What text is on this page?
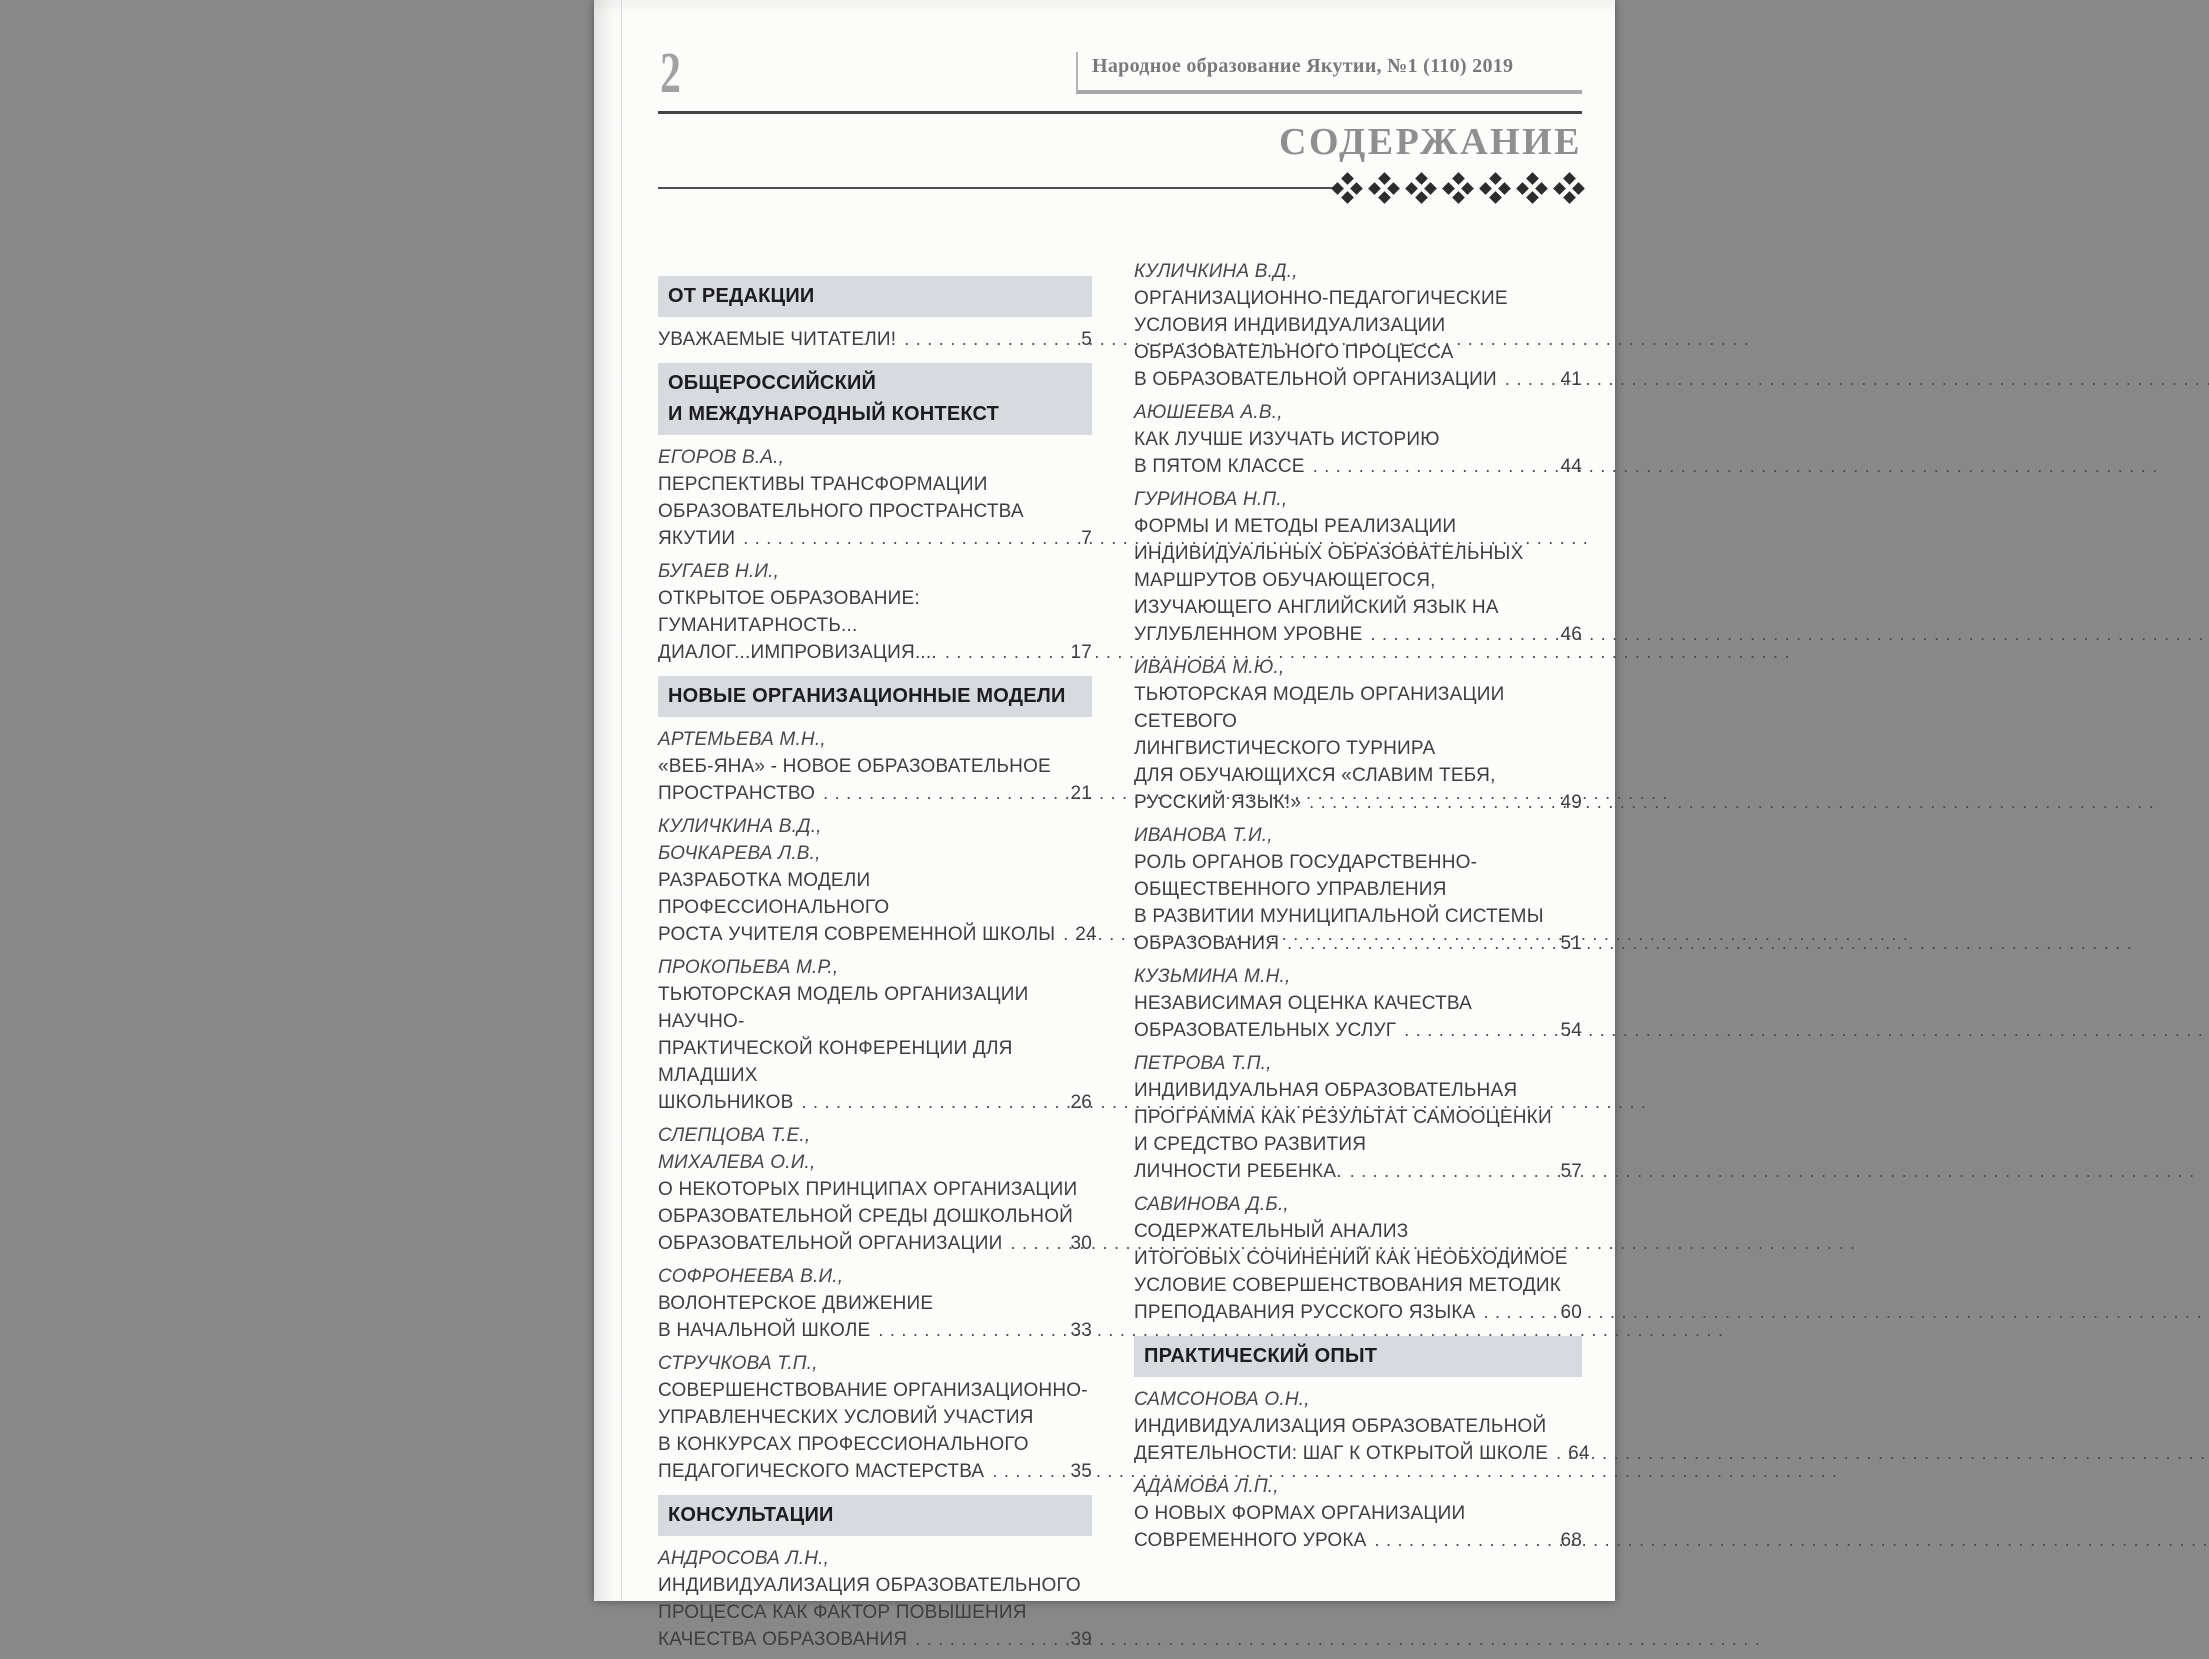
2	Народное образование Якутии, №1 (110) 2019
СОДЕРЖАНИЕ
ОТ РЕДАКЦИИ
УВАЖАЕМЫЕ ЧИТАТЕЛИ! .....	5
ОБЩЕРОССИЙСКИЙ
И МЕЖДУНАРОДНЫЙ КОНТЕКСТ
ЕГОРОВ В.А.,
ПЕРСПЕКТИВЫ ТРАНСФОРМАЦИИ
ОБРАЗОВАТЕЛЬНОГО ПРОСТРАНСТВА
ЯКУТИИ .....	7
БУГАЕВ Н.И.,
ОТКРЫТОЕ ОБРАЗОВАНИЕ: ГУМАНИТАРНОСТЬ...
ДИАЛОГ...ИМПРОВИЗАЦИЯ.... .....	17
НОВЫЕ ОРГАНИЗАЦИОННЫЕ МОДЕЛИ
АРТЕМЬЕВА М.Н.,
«ВЕБ-ЯНА» - НОВОЕ ОБРАЗОВАТЕЛЬНОЕ
ПРОСТРАНСТВО .....	21
КУЛИЧКИНА В.Д.,
БОЧКАРЕВА Л.В.,
РАЗРАБОТКА МОДЕЛИ ПРОФЕССИОНАЛЬНОГО
РОСТА УЧИТЕЛЯ СОВРЕМЕННОЙ ШКОЛЫ ..... 24
ПРОКОПЬЕВА М.Р.,
ТЬЮТОРСКАЯ МОДЕЛЬ ОРГАНИЗАЦИИ НАУЧНО-
ПРАКТИЧЕСКОЙ КОНФЕРЕНЦИИ ДЛЯ МЛАДШИХ
ШКОЛЬНИКОВ .....	26
СЛЕПЦОВА Т.Е.,
МИХАЛЕВА О.И.,
О НЕКОТОРЫХ ПРИНЦИПАХ ОРГАНИЗАЦИИ
ОБРАЗОВАТЕЛЬНОЙ СРЕДЫ ДОШКОЛЬНОЙ
ОБРАЗОВАТЕЛЬНОЙ ОРГАНИЗАЦИИ .....	30
СОФРОНЕЕВА В.И.,
ВОЛОНТЕРСКОЕ ДВИЖЕНИЕ
В НАЧАЛЬНОЙ ШКОЛЕ .....	33
СТРУЧКОВА Т.П.,
СОВЕРШЕНСТВОВАНИЕ ОРГАНИЗАЦИОННО-
УПРАВЛЕНЧЕСКИХ УСЛОВИЙ УЧАСТИЯ
В КОНКУРСАХ ПРОФЕССИОНАЛЬНОГО
ПЕДАГОГИЧЕСКОГО МАСТЕРСТВА .....	35
КОНСУЛЬТАЦИИ
АНДРОСОВА Л.Н.,
ИНДИВИДУАЛИЗАЦИЯ ОБРАЗОВАТЕЛЬНОГО
ПРОЦЕССА КАК ФАКТОР ПОВЫШЕНИЯ
КАЧЕСТВА ОБРАЗОВАНИЯ .....	39
КУЛИЧКИНА В.Д.,
ОРГАНИЗАЦИОННО-ПЕДАГОГИЧЕСКИЕ
УСЛОВИЯ ИНДИВИДУАЛИЗАЦИИ
ОБРАЗОВАТЕЛЬНОГО ПРОЦЕССА
В ОБРАЗОВАТЕЛЬНОЙ ОРГАНИЗАЦИИ .....	41
АЮШЕЕВА А.В.,
КАК ЛУЧШЕ ИЗУЧАТЬ ИСТОРИЮ
В ПЯТОМ КЛАССЕ .....	44
ГУРИНОВА Н.П.,
ФОРМЫ И МЕТОДЫ РЕАЛИЗАЦИИ
ИНДИВИДУАЛЬНЫХ ОБРАЗОВАТЕЛЬНЫХ
МАРШРУТОВ ОБУЧАЮЩЕГОСЯ,
ИЗУЧАЮЩЕГО АНГЛИЙСКИЙ ЯЗЫК НА
УГЛУБЛЕННОМ УРОВНЕ .....	46
ИВАНОВА М.Ю.,
ТЬЮТОРСКАЯ МОДЕЛЬ ОРГАНИЗАЦИИ СЕТЕВОГО
ЛИНГВИСТИЧЕСКОГО ТУРНИРА
ДЛЯ ОБУЧАЮЩИХСЯ «СЛАВИМ ТЕБЯ,
РУССКИЙ ЯЗЫК!» .....	49
ИВАНОВА Т.И.,
РОЛЬ ОРГАНОВ ГОСУДАРСТВЕННО-
ОБЩЕСТВЕННОГО УПРАВЛЕНИЯ
В РАЗВИТИИ МУНИЦИПАЛЬНОЙ СИСТЕМЫ
ОБРАЗОВАНИЯ .....	51
КУЗЬМИНА М.Н.,
НЕЗАВИСИМАЯ ОЦЕНКА КАЧЕСТВА
ОБРАЗОВАТЕЛЬНЫХ УСЛУГ .....	54
ПЕТРОВА Т.П.,
ИНДИВИДУАЛЬНАЯ ОБРАЗОВАТЕЛЬНАЯ
ПРОГРАММА КАК РЕЗУЛЬТАТ САМООЦЕНКИ
И СРЕДСТВО РАЗВИТИЯ
ЛИЧНОСТИ РЕБЕНКА. .....	57
САВИНОВА Д.Б.,
СОДЕРЖАТЕЛЬНЫЙ АНАЛИЗ
ИТОГОВЫХ СОЧИНЕНИЙ КАК НЕОБХОДИМОЕ
УСЛОВИЕ СОВЕРШЕНСТВОВАНИЯ МЕТОДИК
ПРЕПОДАВАНИЯ РУССКОГО ЯЗЫКА .....	60
ПРАКТИЧЕСКИЙ ОПЫТ
САМСОНОВА О.Н.,
ИНДИВИДУАЛИЗАЦИЯ ОБРАЗОВАТЕЛЬНОЙ
ДЕЯТЕЛЬНОСТИ: ШАГ К ОТКРЫТОЙ ШКОЛЕ ..... 64
АДАМОВА Л.П.,
О НОВЫХ ФОРМАХ ОРГАНИЗАЦИИ
СОВРЕМЕННОГО УРОКА .....	68
